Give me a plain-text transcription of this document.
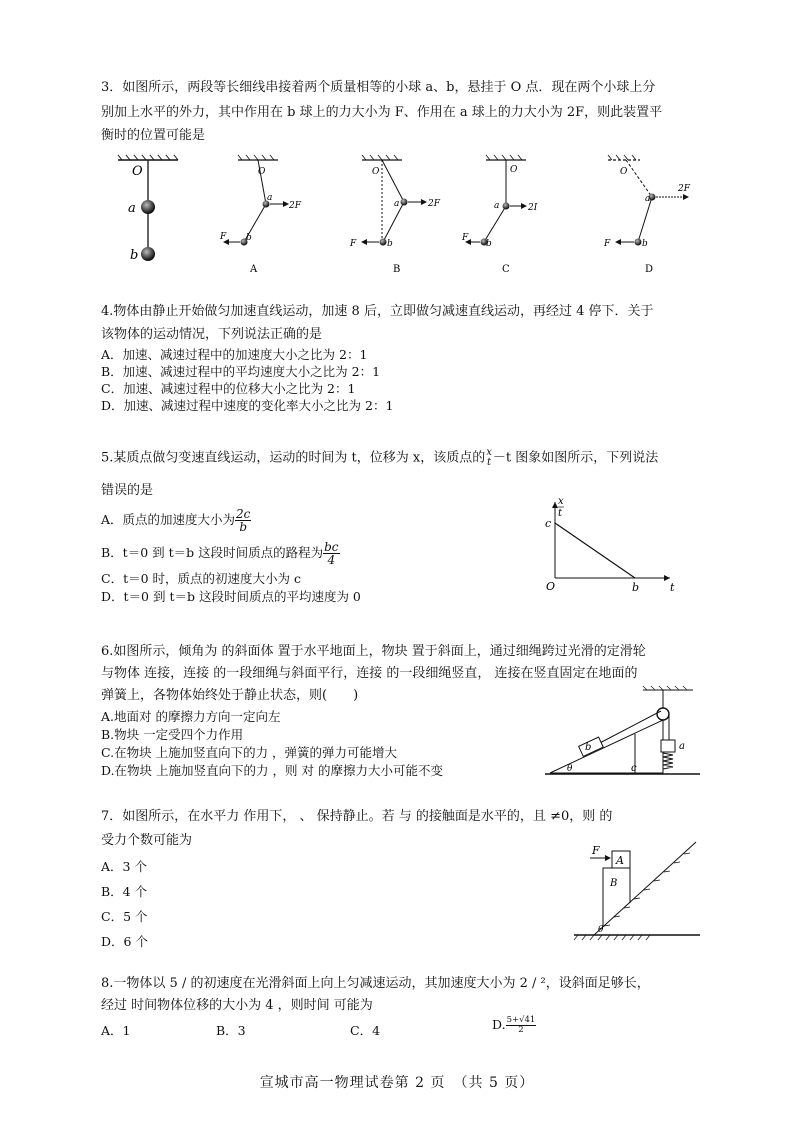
3．如图所示，两段等长细线串接着两个质量相等的小球 a、b，悬挂于 O 点．现在两个小球上分
别加上水平的外力，其中作用在 b 球上的力大小为 F、作用在 a 球上的力大小为 2F，则此装置平
衡时的位置可能是
O
a
b
O
a
b
2F
F
A
O
a
b
2F
F
B
O
a
b
2I
F
C
O
a
b
2F
F
D
4.物体由静止开始做匀加速直线运动，加速 8 后，立即做匀减速直线运动，再经过 4 停下．关于
该物体的运动情况，下列说法正确的是
A．加速、减速过程中的加速度大小之比为 2：1
B．加速、减速过程中的平均速度大小之比为 2：1
C．加速、减速过程中的位移大小之比为 2：1
D．加速、减速过程中速度的变化率大小之比为 2：1
5.某质点做匀变速直线运动，运动的时间为 t，位移为 x，该质点的 x
t －t 图象如图所示，下列说法
错误的是
A．质点的加速度大小为 $\frac{2c}{b}$
B．t＝0 到 t＝b 这段时间质点的路程为 $\frac{bc}{4}$
C．t＝0 时，质点的初速度大小为 c
D．t＝0 到 t＝b 这段时间质点的平均速度为 0
x
t
c
O	b	t
6.如图所示，倾角为 的斜面体 置于水平地面上，物块 置于斜面上，通过细绳跨过光滑的定滑轮
与物体 连接，连接 的一段细绳与斜面平行，连接 的一段细绳竖直， 连接在竖直固定在地面的
弹簧上，各物体始终处于静止状态，则(　　)
A.地面对 的摩擦力方向一定向左
B.物块 一定受四个力作用
C.在物块 上施加竖直向下的力 ，弹簧的弹力可能增大
D.在物块 上施加竖直向下的力 ，则 对 的摩擦力大小可能不变
b	a
c
θ
7．如图所示，在水平力 作用下， 、 保持静止。若 与 的接触面是水平的，且 ≠0，则 的
受力个数可能为
A．3 个
B．4 个
C．5 个
D．6 个
F
A
B
θ
8.一物体以 5 / 的初速度在光滑斜面上向上匀减速运动，其加速度大小为 2 / ²，设斜面足够长，
经过 时间物体位移的大小为 4 ，则时间 可能为
A．1	B．3	C．4	D. $\frac{5+√41}{2}$
宣城市高一物理试卷第 2 页　（共 5 页）
